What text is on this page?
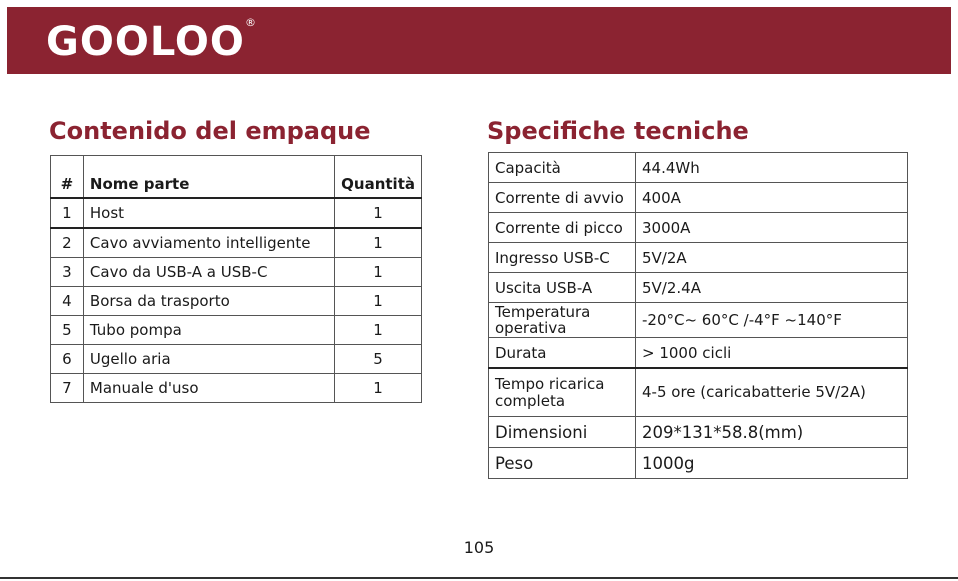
GOOLOO ®
Contenido del empaque	Specifiche tecniche
#	Nome parte	Quantità
1	Host	1
2	Cavo avviamento intelligente	1
3	Cavo da USB-A a USB-C	1
4	Borsa da trasporto	1
5	Tubo pompa	1
6	Ugello aria	5
7	Manuale d'uso	1
Capacità	44.4Wh
Corrente di avvio	400A
Corrente di picco	3000A
Ingresso USB-C	5V/2A
Uscita USB-A	5V/2.4A
Temperatura operativa	-20°C~ 60°C /-4°F ~140°F
Durata	> 1000 cicli
Tempo ricarica completa	4-5 ore (caricabatterie 5V/2A)
Dimensioni	209*131*58.8(mm)
Peso	1000g
105
